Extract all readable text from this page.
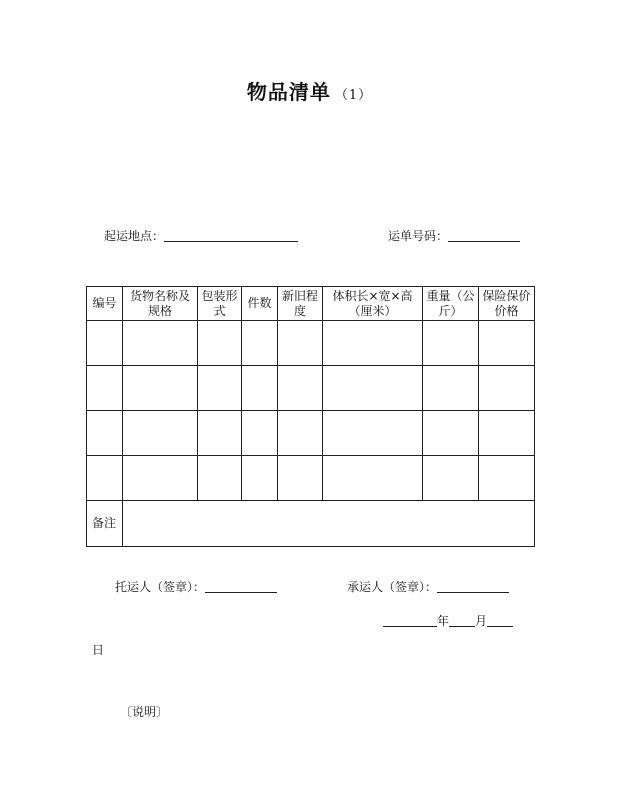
物品清单 （1）
起运地点：	运单号码：
编号	货物名称及规格	包装形式	件数	新旧程度	体积长×宽×高（厘米）	重量（公斤）	保险保价价格

备注							
托运人（签章）：	承运人（签章）：
年 月
日
〔说明〕
